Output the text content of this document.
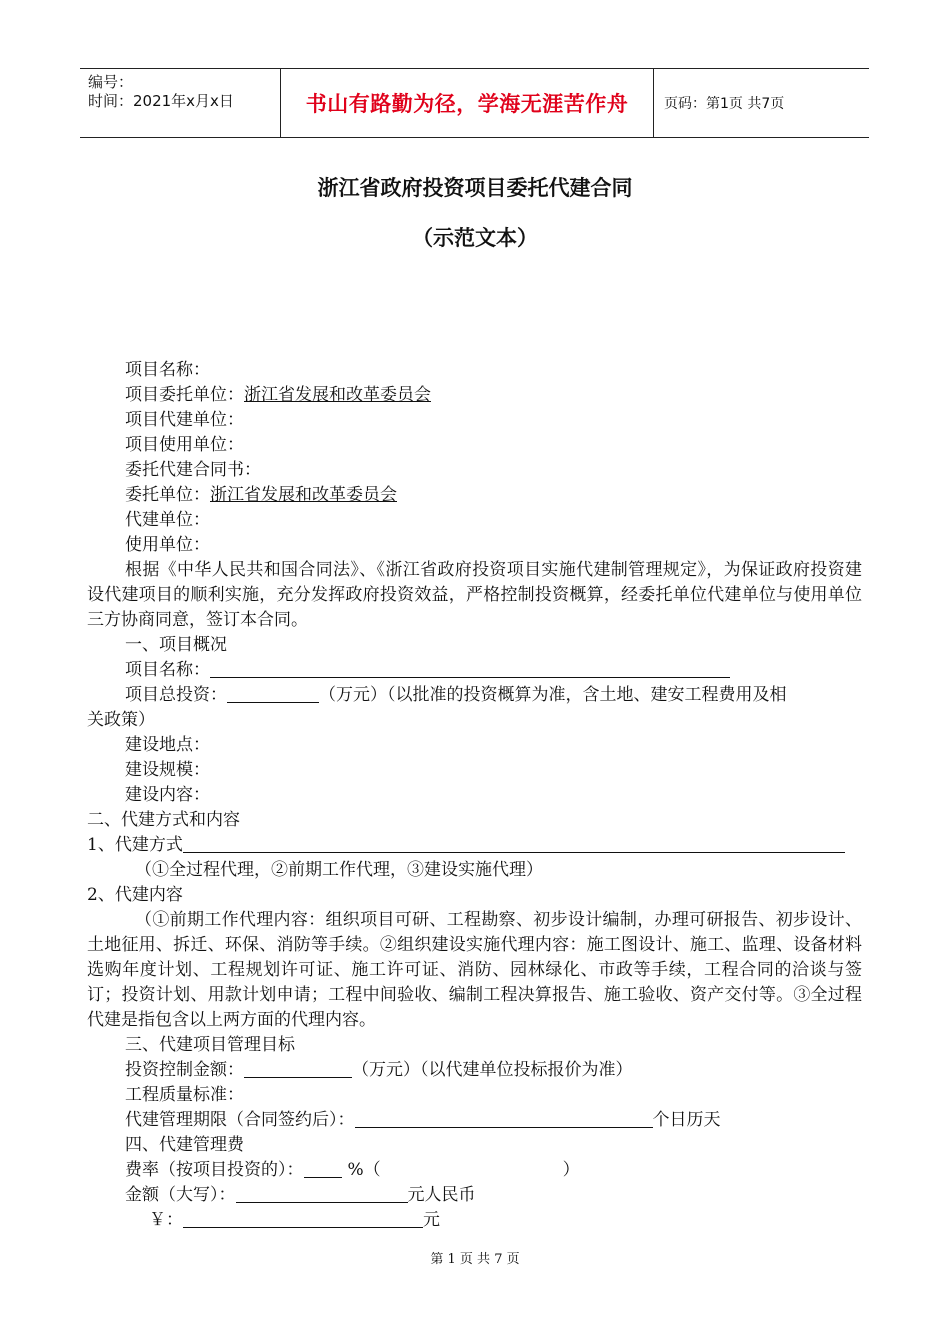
编号：
时间：2021年x月x日	书山有路勤为径，学海无涯苦作舟	页码：第1页 共7页
浙江省政府投资项目委托代建合同
（示范文本）
项目名称：
项目委托单位：浙江省发展和改革委员会
项目代建单位：
项目使用单位：
委托代建合同书：
委托单位：浙江省发展和改革委员会
代建单位：
使用单位：
根据《中华人民共和国合同法》、《浙江省政府投资项目实施代建制管理规定》，为保证政府投资建设代建项目的顺利实施，充分发挥政府投资效益，严格控制投资概算，经委托单位代建单位与使用单位三方协商同意，签订本合同。
一、项目概况
项目名称：
项目总投资：	（万元）（以批准的投资概算为准，含土地、建安工程费用及相
关政策）
建设地点：
建设规模：
建设内容：
二、代建方式和内容
1、代建方式
（①全过程代理，②前期工作代理，③建设实施代理）
2、代建内容
（①前期工作代理内容：组织项目可研、工程勘察、初步设计编制，办理可研报告、初步设计、土地征用、拆迁、环保、消防等手续。②组织建设实施代理内容：施工图设计、施工、监理、设备材料选购年度计划、工程规划许可证、施工许可证、消防、园林绿化、市政等手续，工程合同的洽谈与签订；投资计划、用款计划申请；工程中间验收、编制工程决算报告、施工验收、资产交付等。③全过程代建是指包含以上两方面的代理内容。
三、代建项目管理目标
投资控制金额：	（万元）（以代建单位投标报价为准）
工程质量标准：
代建管理期限（合同签约后）：	个日历天
四、代建管理费
费率（按项目投资的）：	%（	）
金额（大写）：	元人民币
￥：	元
第 1 页 共 7 页
